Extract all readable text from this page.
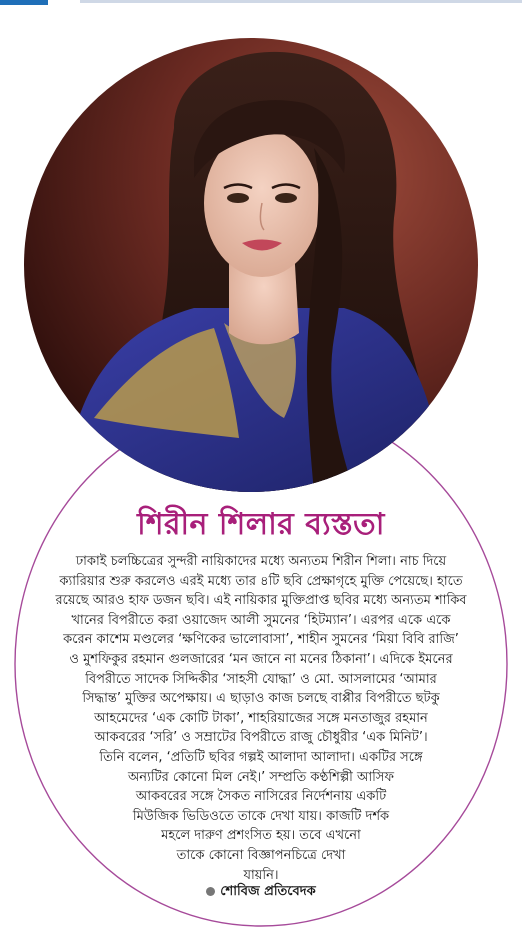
শিরীন শিলার ব্যস্ততা
ঢাকাই চলচ্চিত্রের সুন্দরী নায়িকাদের মধ্যে অন্যতম শিরীন শিলা। নাচ দিয়ে
ক্যারিয়ার শুরু করলেও এরই মধ্যে তার ৪টি ছবি প্রেক্ষাগৃহে মুক্তি পেয়েছে। হাতে
রয়েছে আরও হাফ ডজন ছবি। এই নায়িকার মুক্তিপ্রাপ্ত ছবির মধ্যে অন্যতম শাকিব
খানের বিপরীতে করা ওয়াজেদ আলী সুমনের ‘হিটম্যান’। এরপর একে একে
করেন কাশেম মণ্ডলের ‘ক্ষণিকের ভালোবাসা’, শাহীন সুমনের ‘মিয়া বিবি রাজি’
ও মুশফিকুর রহমান গুলজারের ‘মন জানে না মনের ঠিকানা’। এদিকে ইমনের
বিপরীতে সাদেক সিদ্দিকীর ‘সাহসী যোদ্ধা’ ও মো. আসলামের ‘আমার
সিদ্ধান্ত’ মুক্তির অপেক্ষায়। এ ছাড়াও কাজ চলছে বাপ্পীর বিপরীতে ছটকু
আহমেদের ‘এক কোটি টাকা’, শাহরিয়াজের সঙ্গে মনতাজুর রহমান
আকবরের ‘সরি’ ও সম্রাটের বিপরীতে রাজু চৌধুরীর ‘এক মিনিট’।
তিনি বলেন, ‘প্রতিটি ছবির গল্পই আলাদা আলাদা। একটির সঙ্গে
অন্যটির কোনো মিল নেই।’ সম্প্রতি কণ্ঠশিল্পী আসিফ
আকবরের সঙ্গে সৈকত নাসিরের নির্দেশনায় একটি
মিউজিক ভিডিওতে তাকে দেখা যায়। কাজটি দর্শক
মহলে দারুণ প্রশংসিত হয়। তবে এখনো
তাকে কোনো বিজ্ঞাপনচিত্রে দেখা
যায়নি।
শোবিজ প্রতিবেদক
